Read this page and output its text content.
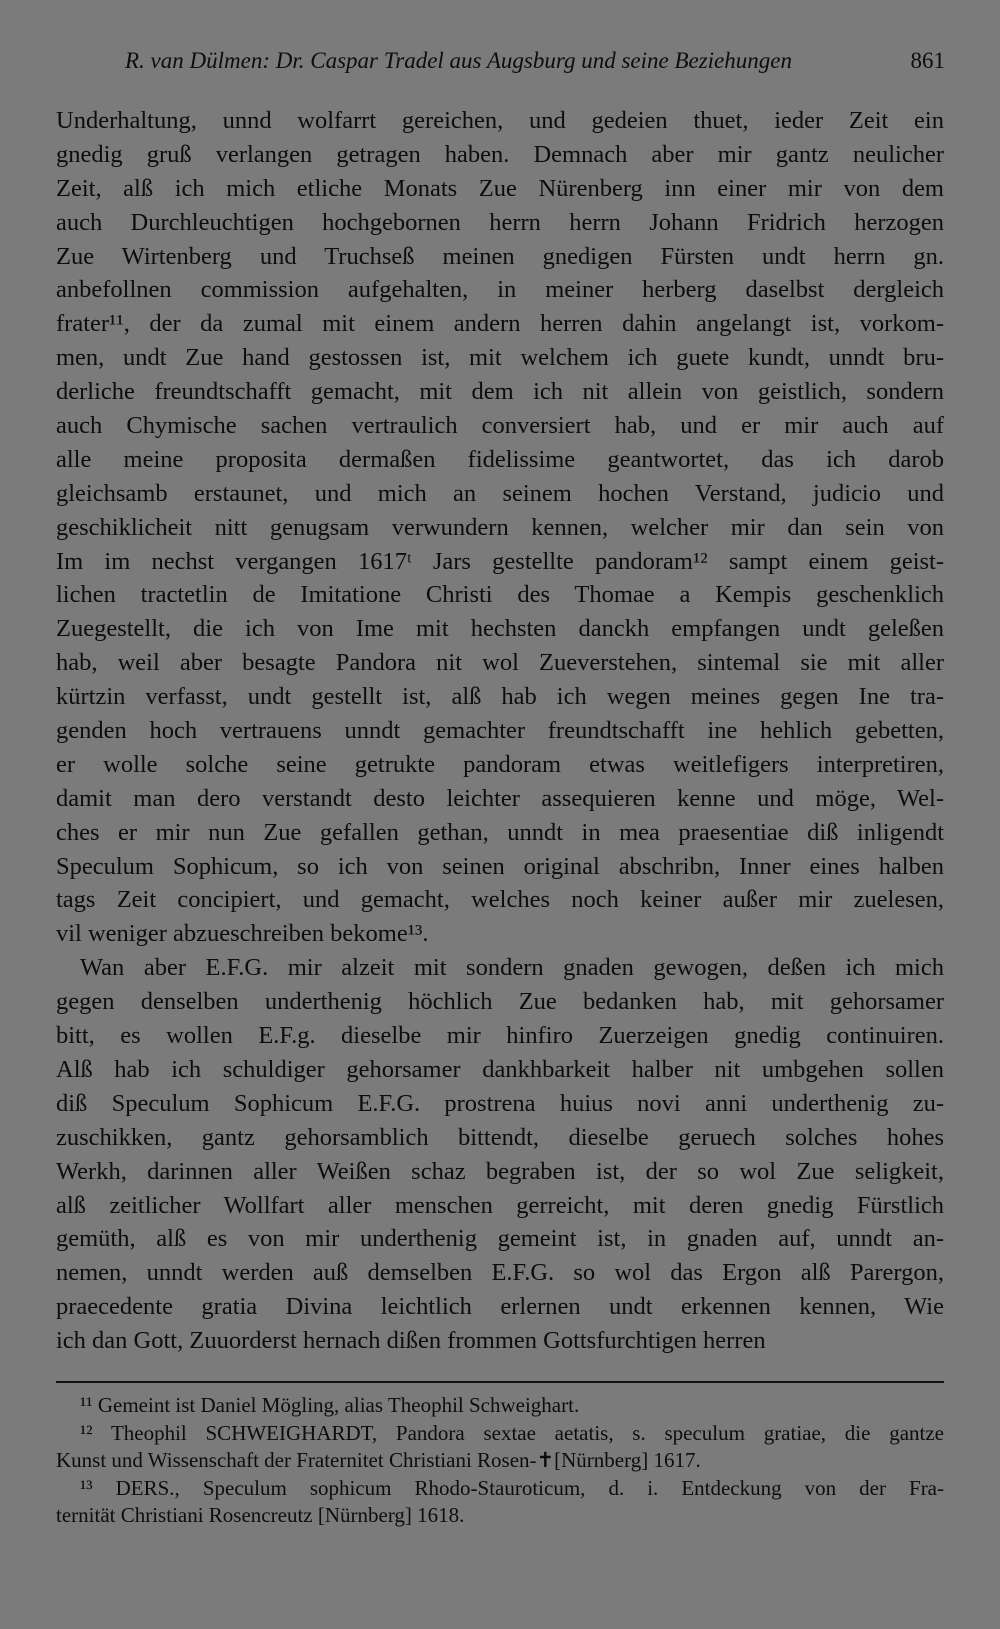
R. van Dülmen: Dr. Caspar Tradel aus Augsburg und seine Beziehungen	861
Underhaltung, unnd wolfarrt gereichen, und gedeien thuet, ieder Zeit ein
gnedig gruß verlangen getragen haben. Demnach aber mir gantz neulicher
Zeit, alß ich mich etliche Monats Zue Nürenberg inn einer mir von dem
auch Durchleuchtigen hochgebornen herrn herrn Johann Fridrich herzogen
Zue Wirtenberg und Truchseß meinen gnedigen Fürsten undt herrn gn.
anbefollnen commission aufgehalten, in meiner herberg daselbst dergleich
frater¹¹, der da zumal mit einem andern herren dahin angelangt ist, vorkom-
men, undt Zue hand gestossen ist, mit welchem ich guete kundt, unndt bru-
derliche freundtschafft gemacht, mit dem ich nit allein von geistlich, sondern
auch Chymische sachen vertraulich conversiert hab, und er mir auch auf
alle meine proposita dermaßen fidelissime geantwortet, das ich darob
gleichsamb erstaunet, und mich an seinem hochen Verstand, judicio und
geschiklicheit nitt genugsam verwundern kennen, welcher mir dan sein von
Im im nechst vergangen 1617ᵗ Jars gestellte pandoram¹² sampt einem geist-
lichen tractetlin de Imitatione Christi des Thomae a Kempis geschenklich
Zuegestellt, die ich von Ime mit hechsten danckh empfangen undt geleßen
hab, weil aber besagte Pandora nit wol Zueverstehen, sintemal sie mit aller
kürtzin verfasst, undt gestellt ist, alß hab ich wegen meines gegen Ine tra-
genden hoch vertrauens unndt gemachter freundtschafft ine hehlich gebetten,
er wolle solche seine getrukte pandoram etwas weitlefigers interpretiren,
damit man dero verstandt desto leichter assequieren kenne und möge, Wel-
ches er mir nun Zue gefallen gethan, unndt in mea praesentiae diß inligendt
Speculum Sophicum, so ich von seinen original abschribn, Inner eines halben
tags Zeit concipiert, und gemacht, welches noch keiner außer mir zuelesen,
vil weniger abzueschreiben bekome¹³.
Wan aber E.F.G. mir alzeit mit sondern gnaden gewogen, deßen ich mich
gegen denselben underthenig höchlich Zue bedanken hab, mit gehorsamer
bitt, es wollen E.F.g. dieselbe mir hinfiro Zuerzeigen gnedig continuiren.
Alß hab ich schuldiger gehorsamer dankhbarkeit halber nit umbgehen sollen
diß Speculum Sophicum E.F.G. prostrena huius novi anni underthenig zu-
zuschikken, gantz gehorsamblich bittendt, dieselbe geruech solches hohes
Werkh, darinnen aller Weißen schaz begraben ist, der so wol Zue seligkeit,
alß zeitlicher Wollfart aller menschen gerreicht, mit deren gnedig Fürstlich
gemüth, alß es von mir underthenig gemeint ist, in gnaden auf, unndt an-
nemen, unndt werden auß demselben E.F.G. so wol das Ergon alß Parergon,
praecedente gratia Divina leichtlich erlernen undt erkennen kennen, Wie
ich dan Gott, Zuuorderst hernach dißen frommen Gottsfurchtigen herren
¹¹ Gemeint ist Daniel Mögling, alias Theophil Schweighart.
¹² Theophil SCHWEIGHARDT, Pandora sextae aetatis, s. speculum gratiae, die gantze
Kunst und Wissenschaft der Fraternitet Christiani Rosen-✝[Nürnberg] 1617.
¹³ DERS., Speculum sophicum Rhodo-Stauroticum, d. i. Entdeckung von der Fra-
ternität Christiani Rosencreutz [Nürnberg] 1618.
